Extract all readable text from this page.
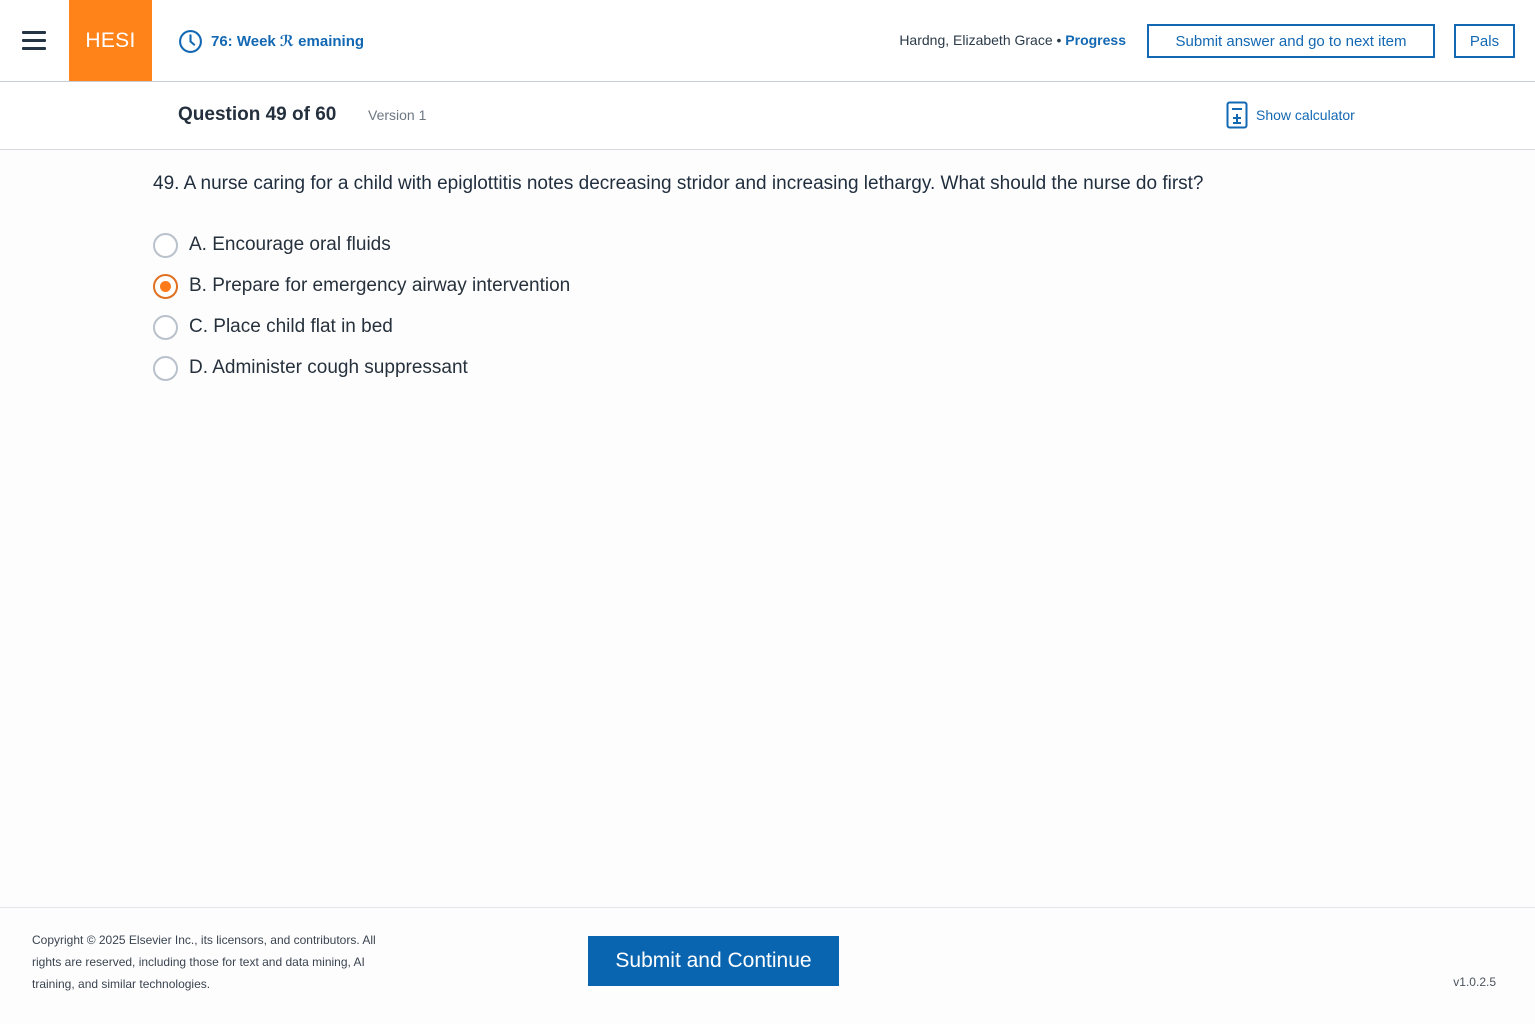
HESI	76: Week ℛ emaining	Hardng, Elizabeth Grace • Progress	Submit answer and go to next item	Pals
Question 49 of 60 Version 1	Show calculator
49. A nurse caring for a child with epiglottitis notes decreasing stridor and increasing lethargy. What should the nurse do first?
A. Encourage oral fluids
B. Prepare for emergency airway intervention
C. Place child flat in bed
D. Administer cough suppressant
Copyright © 2025 Elsevier Inc., its licensors, and contributors. All
rights are reserved, including those for text and data mining, AI
training, and similar technologies.
Submit and Continue
v1.0.2.5
